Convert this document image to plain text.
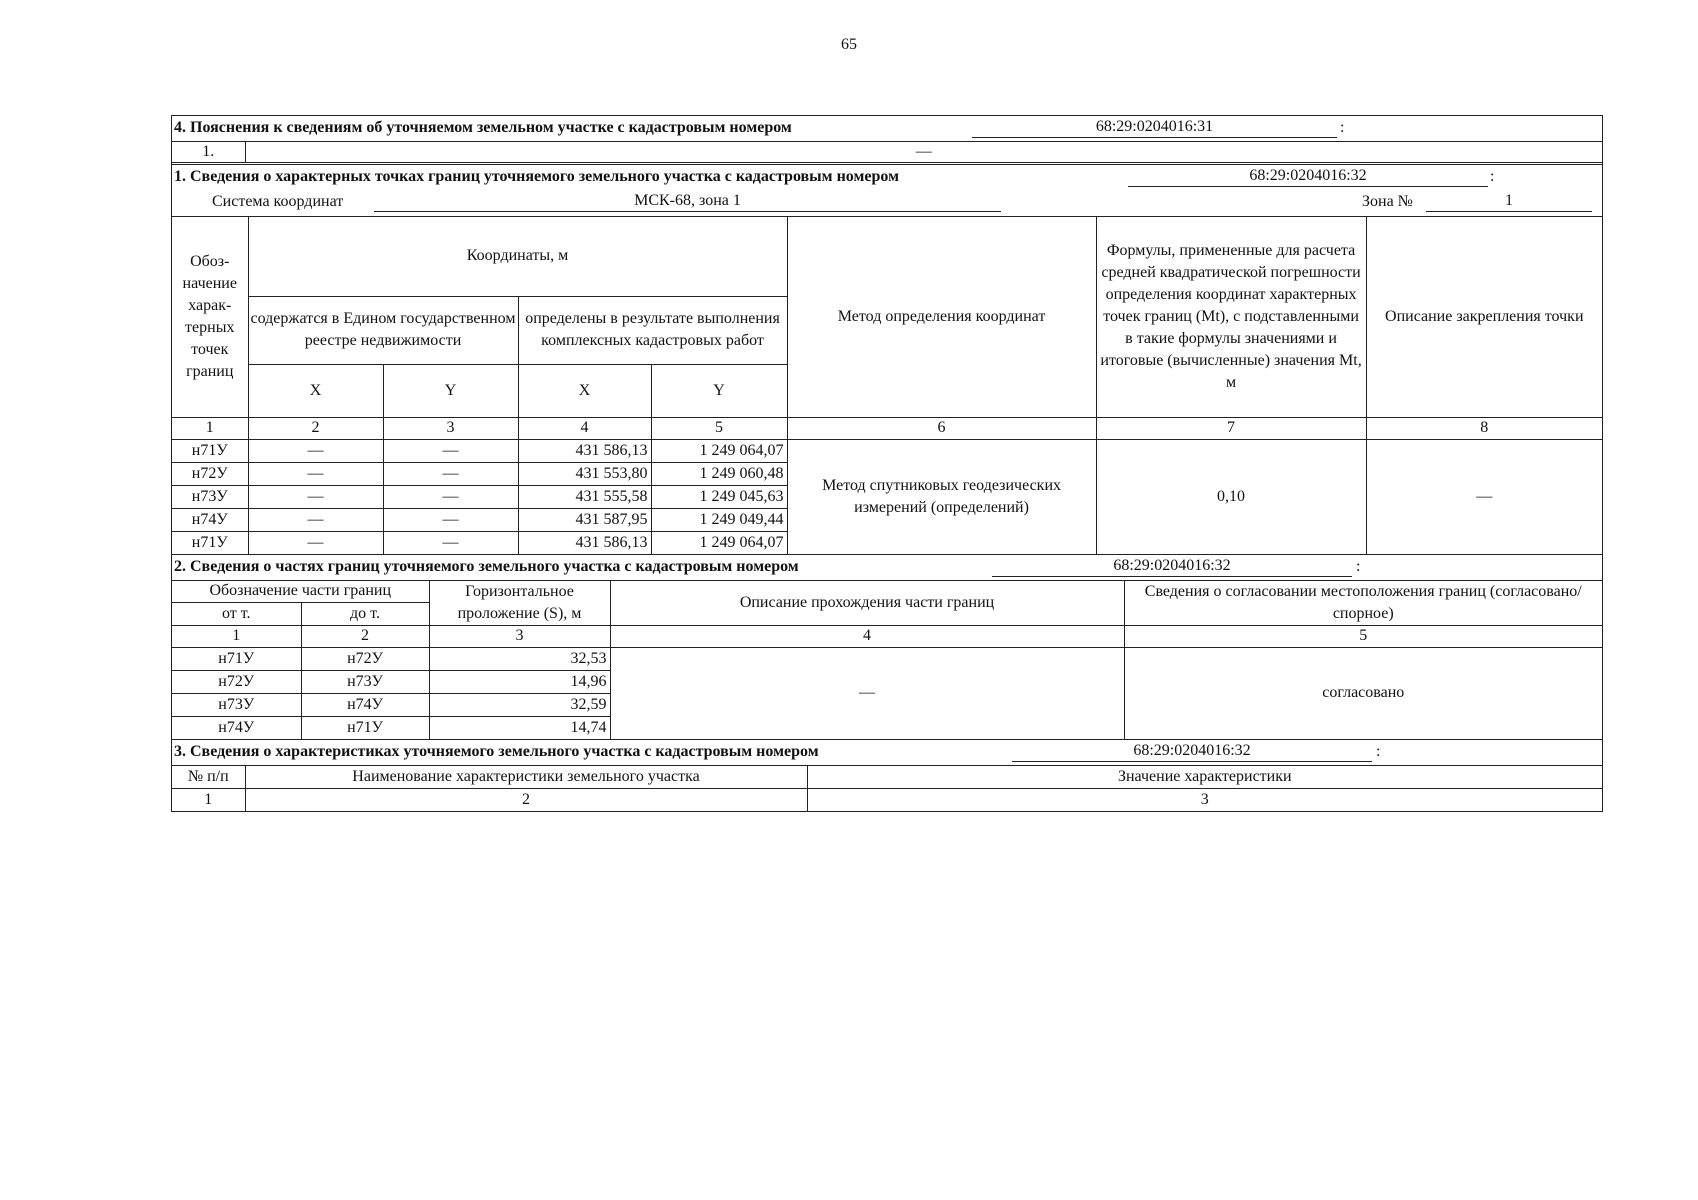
65
4. Пояснения к сведениям об уточняемом земельном участке с кадастровым номером	68:29:0204016:31	:
1.	—
1. Сведения о характерных точках границ уточняемого земельного участка с кадастровым номером	68:29:0204016:32	:
Система координат	МСК-68, зона 1	Зона №	1
Обоз-начение харак-терных точек границ	Координаты, м				Метод определения координат	Формулы, примененные для расчета средней квадратической погрешности определения координат характерных точек границ (Mt), с подставленными в такие формулы значениями и итоговые (вычисленные) значения Mt, м	Описание закрепления точки
	содержатся в Едином государственном реестре недвижимости		определены в результате выполнения комплексных кадастровых работ				
	X	Y	X	Y			
1	2	3	4	5	6	7	8
н71У	—	—	431 586,13	1 249 064,07	Метод спутниковых геодезических измерений (определений)	0,10	—
н72У	—	—	431 553,80	1 249 060,48			
н73У	—	—	431 555,58	1 249 045,63			
н74У	—	—	431 587,95	1 249 049,44			
н71У	—	—	431 586,13	1 249 064,07			
2. Сведения о частях границ уточняемого земельного участка с кадастровым номером	68:29:0204016:32	:
Обозначение части границ		Горизонтальное проложение (S), м	Описание прохождения части границ	Сведения о согласовании местоположения границ (согласовано/спорное)
от т.	до т.			
1	2	3	4	5
н71У	н72У	32,53	—	согласовано
н72У	н73У	14,96		
н73У	н74У	32,59		
н74У	н71У	14,74		
3. Сведения о характеристиках уточняемого земельного участка с кадастровым номером	68:29:0204016:32	:
№ п/п	Наименование характеристики земельного участка	Значение характеристики
1	2	3
